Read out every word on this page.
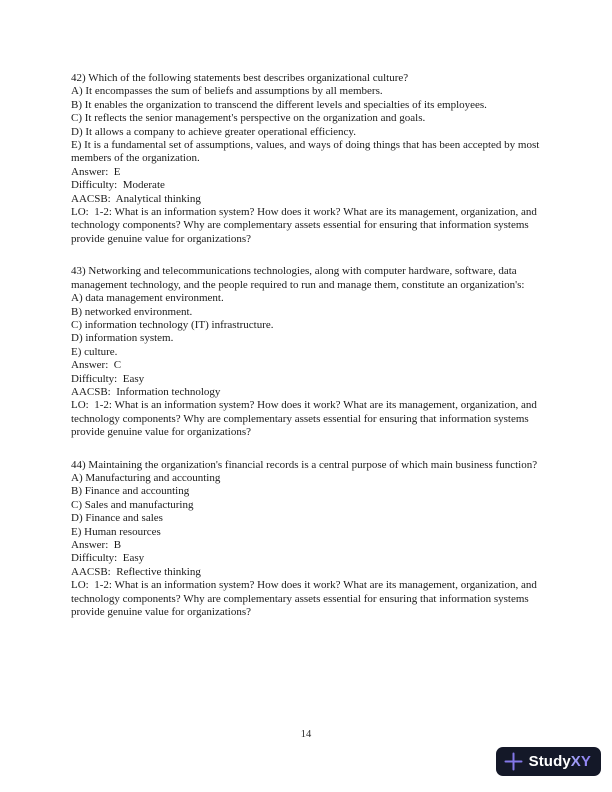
42) Which of the following statements best describes organizational culture?

A) It encompasses the sum of beliefs and assumptions by all members.

B) It enables the organization to transcend the different levels and specialties of its employees.

C) It reflects the senior management's perspective on the organization and goals.

D) It allows a company to achieve greater operational efficiency.

E) It is a fundamental set of assumptions, values, and ways of doing things that has been accepted by most members of the organization.

Answer:  E

Difficulty:  Moderate

AACSB:  Analytical thinking

LO:  1-2: What is an information system? How does it work? What are its management, organization, and technology components? Why are complementary assets essential for ensuring that information systems provide genuine value for organizations?

43) Networking and telecommunications technologies, along with computer hardware, software, data management technology, and the people required to run and manage them, constitute an organization's:

A) data management environment.

B) networked environment.

C) information technology (IT) infrastructure.

D) information system.

E) culture.

Answer:  C

Difficulty:  Easy

AACSB:  Information technology

LO:  1-2: What is an information system? How does it work? What are its management, organization, and technology components? Why are complementary assets essential for ensuring that information systems provide genuine value for organizations?

44) Maintaining the organization's financial records is a central purpose of which main business function?

A) Manufacturing and accounting

B) Finance and accounting

C) Sales and manufacturing

D) Finance and sales

E) Human resources

Answer:  B

Difficulty:  Easy

AACSB:  Reflective thinking

LO:  1-2: What is an information system? How does it work? What are its management, organization, and technology components? Why are complementary assets essential for ensuring that information systems provide genuine value for organizations?

14
Study XY
